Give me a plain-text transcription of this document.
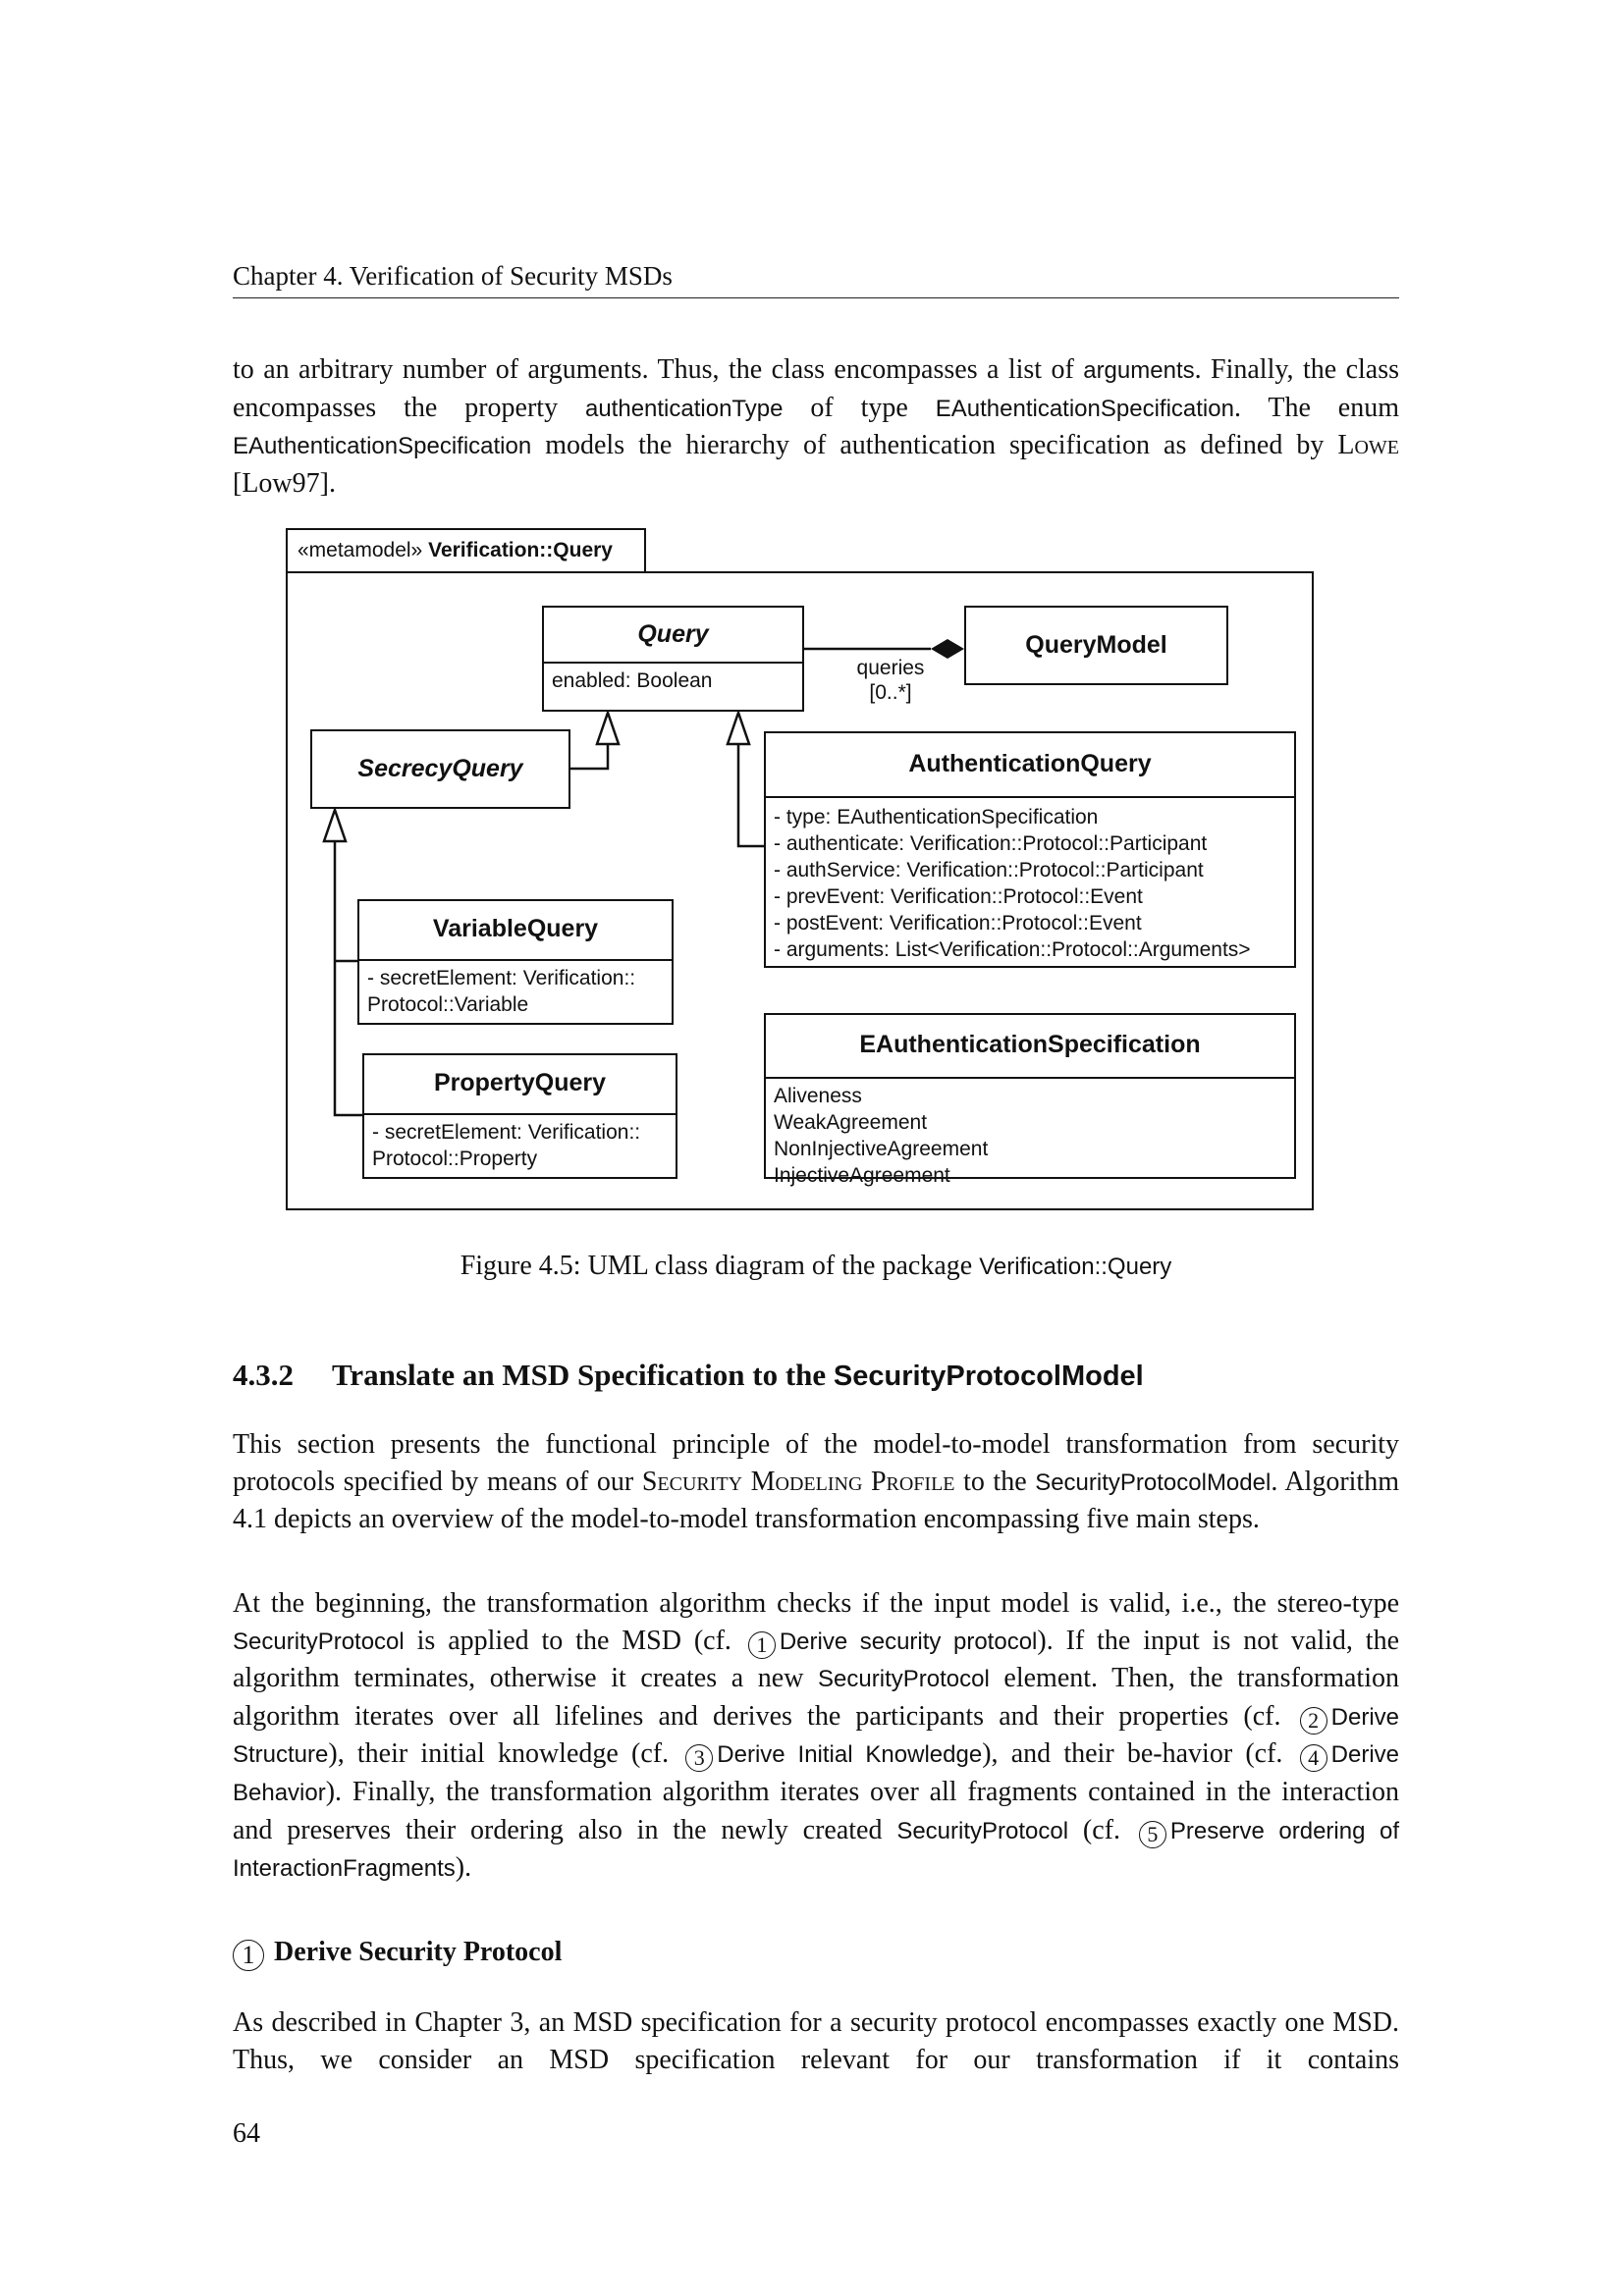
Chapter 4. Verification of Security MSDs
to an arbitrary number of arguments. Thus, the class encompasses a list of arguments. Finally, the class encompasses the property authenticationType of type EAuthenticationSpecification. The enum EAuthenticationSpecification models the hierarchy of authentication specification as defined by Lowe [Low97].
«metamodel» Verification::Query
queries
[0..*]
Query
enabled: Boolean
QueryModel
SecrecyQuery	AuthenticationQuery
- type: EAuthenticationSpecification
- authenticate: Verification::Protocol::Participant
- authService: Verification::Protocol::Participant
- prevEvent: Verification::Protocol::Event
- postEvent: Verification::Protocol::Event
- arguments: List<Verification::Protocol::Arguments>
VariableQuery
- secretElement: Verification::
Protocol::Variable
PropertyQuery
- secretElement: Verification::
Protocol::Property
EAuthenticationSpecification
Aliveness
WeakAgreement
NonInjectiveAgreement
InjectiveAgreement
Figure 4.5: UML class diagram of the package Verification::Query
4.3.2 Translate an MSD Specification to the SecurityProtocolModel
This section presents the functional principle of the model-to-model transformation from security protocols specified by means of our Security Modeling Profile to the SecurityProtocolModel. Algorithm 4.1 depicts an overview of the model-to-model transformation encompassing five main steps.
At the beginning, the transformation algorithm checks if the input model is valid, i.e., the stereo-type SecurityProtocol is applied to the MSD (cf. 1 Derive security protocol). If the input is not valid, the algorithm terminates, otherwise it creates a new SecurityProtocol element. Then, the transformation algorithm iterates over all lifelines and derives the participants and their properties (cf. 2 Derive Structure), their initial knowledge (cf. 3 Derive Initial Knowledge), and their be-havior (cf. 4 Derive Behavior). Finally, the transformation algorithm iterates over all fragments contained in the interaction and preserves their ordering also in the newly created SecurityProtocol (cf. 5 Preserve ordering of InteractionFragments).
1 Derive Security Protocol
As described in Chapter 3, an MSD specification for a security protocol encompasses exactly one MSD. Thus, we consider an MSD specification relevant for our transformation if it contains
64
